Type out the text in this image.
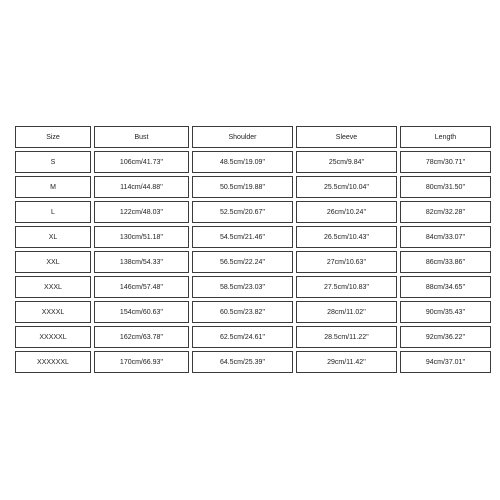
Size	Bust	Shoulder	Sleeve	Length
S	106cm/41.73''	48.5cm/19.09''	25cm/9.84''	78cm/30.71''
M	114cm/44.88''	50.5cm/19.88''	25.5cm/10.04''	80cm/31.50''
L	122cm/48.03''	52.5cm/20.67''	26cm/10.24''	82cm/32.28''
XL	130cm/51.18''	54.5cm/21.46''	26.5cm/10.43''	84cm/33.07''
XXL	138cm/54.33''	56.5cm/22.24''	27cm/10.63''	86cm/33.86''
XXXL	146cm/57.48''	58.5cm/23.03''	27.5cm/10.83''	88cm/34.65''
XXXXL	154cm/60.63''	60.5cm/23.82''	28cm/11.02''	90cm/35.43''
XXXXXL	162cm/63.78''	62.5cm/24.61''	28.5cm/11.22''	92cm/36.22''
XXXXXXL	170cm/66.93''	64.5cm/25.39''	29cm/11.42''	94cm/37.01''
